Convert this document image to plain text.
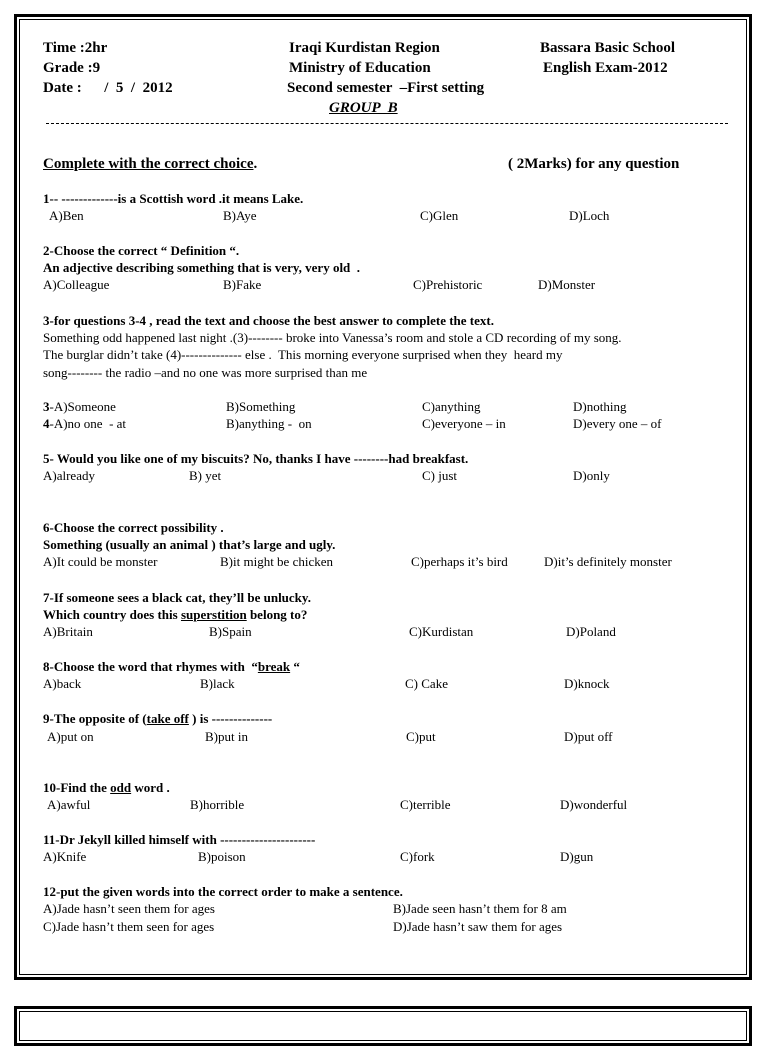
Time :2hr
Grade :9
Date :      /  5  /  2012
Iraqi Kurdistan Region
Ministry of Education
Second semester  –First setting
GROUP  B
Bassara Basic School
English Exam-2012
Complete with the correct choice.	( 2Marks) for any question
1-- -------------is a Scottish word .it means Lake.
A)Ben	B)Aye	C)Glen	D)Loch
2-Choose the correct “ Definition “.
An adjective describing something that is very, very old  .
A)Colleague	B)Fake	C)Prehistoric	D)Monster
3-for questions 3-4 , read the text and choose the best answer to complete the text.
Something odd happened last night .(3)-------- broke into Vanessa’s room and stole a CD recording of my song.
The burglar didn’t take (4)-------------- else .  This morning everyone surprised when they  heard my
song-------- the radio –and no one was more surprised than me
3-A)Someone	B)Something	C)anything	D)nothing
4-A)no one  - at	B)anything -  on	C)everyone – in	D)every one – of
5- Would you like one of my biscuits? No, thanks I have --------had breakfast.
A)already	B) yet	C) just	D)only
6-Choose the correct possibility .
Something (usually an animal ) that’s large and ugly.
A)It could be monster	B)it might be chicken	C)perhaps it’s bird	D)it’s definitely monster
7-If someone sees a black cat, they’ll be unlucky.
Which country does this superstition belong to?
A)Britain	B)Spain	C)Kurdistan	D)Poland
8-Choose the word that rhymes with  “break “
A)back	B)lack	C) Cake	D)knock
9-The opposite of (take off ) is --------------
A)put on	B)put in	C)put	D)put off
10-Find the odd word .
A)awful	B)horrible	C)terrible	D)wonderful
11-Dr Jekyll killed himself with ----------------------
A)Knife	B)poison	C)fork	D)gun
12-put the given words into the correct order to make a sentence.
A)Jade hasn’t seen them for ages	B)Jade seen hasn’t them for 8 am
C)Jade hasn’t them seen for ages	D)Jade hasn’t saw them for ages
